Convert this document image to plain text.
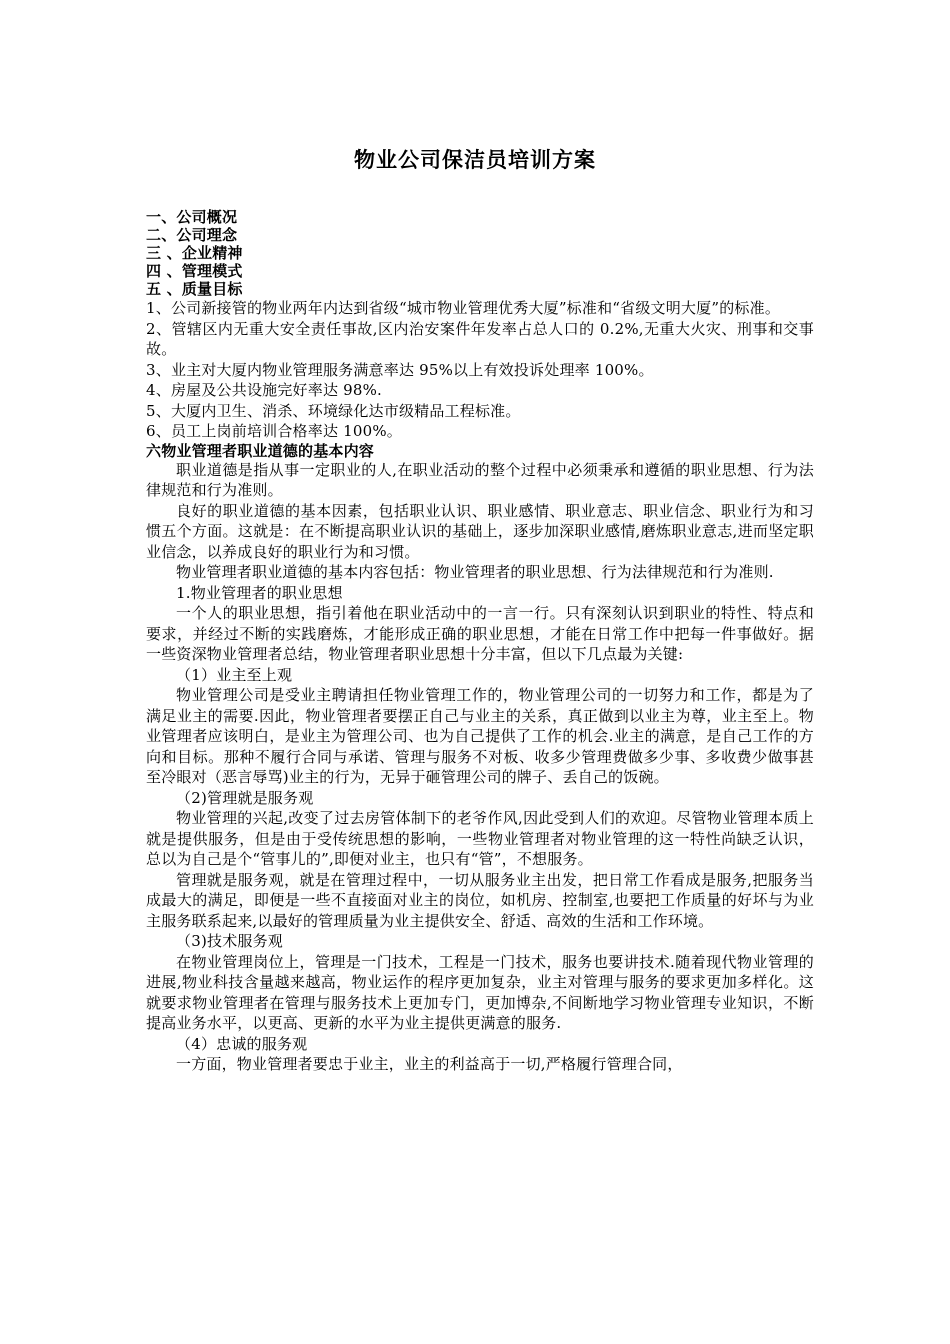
物业公司保洁员培训方案
一、公司概况
二、公司理念
三 、企业精神
四 、管理模式
五 、质量目标

1、公司新接管的物业两年内达到省级“城市物业管理优秀大厦”标准和“省级文明大厦”的标准。

2、管辖区内无重大安全责任事故,区内治安案件年发率占总人口的 0.2%,无重大火灾、刑事和交事故。

3、业主对大厦内物业管理服务满意率达 95%以上有效投诉处理率 100%。

4、房屋及公共设施完好率达 98%.

5、大厦内卫生、消杀、环境绿化达市级精品工程标准。

6、员工上岗前培训合格率达 100%。

六物业管理者职业道德的基本内容

职业道德是指从事一定职业的人,在职业活动的整个过程中必须秉承和遵循的职业思想、行为法律规范和行为准则。

良好的职业道德的基本因素，包括职业认识、职业感情、职业意志、职业信念、职业行为和习惯五个方面。这就是：在不断提高职业认识的基础上，逐步加深职业感情,磨炼职业意志,进而坚定职业信念，以养成良好的职业行为和习惯。

物业管理者职业道德的基本内容包括：物业管理者的职业思想、行为法律规范和行为准则.

1.物业管理者的职业思想

一个人的职业思想，指引着他在职业活动中的一言一行。只有深刻认识到职业的特性、特点和要求，并经过不断的实践磨炼，才能形成正确的职业思想，才能在日常工作中把每一件事做好。据一些资深物业管理者总结，物业管理者职业思想十分丰富，但以下几点最为关键:

（1）业主至上观

物业管理公司是受业主聘请担任物业管理工作的，物业管理公司的一切努力和工作，都是为了满足业主的需要.因此，物业管理者要摆正自己与业主的关系，真正做到以业主为尊，业主至上。物业管理者应该明白，是业主为管理公司、也为自己提供了工作的机会.业主的满意，是自己工作的方向和目标。那种不履行合同与承诺、管理与服务不对板、收多少管理费做多少事、多收费少做事甚至冷眼对（恶言辱骂)业主的行为，无异于砸管理公司的牌子、丢自己的饭碗。

（2)管理就是服务观

物业管理的兴起,改变了过去房管体制下的老爷作风,因此受到人们的欢迎。尽管物业管理本质上就是提供服务，但是由于受传统思想的影响，一些物业管理者对物业管理的这一特性尚缺乏认识，总以为自己是个“管事儿的”,即便对业主，也只有“管”，不想服务。

管理就是服务观，就是在管理过程中，一切从服务业主出发，把日常工作看成是服务,把服务当成最大的满足，即便是一些不直接面对业主的岗位，如机房、控制室,也要把工作质量的好坏与为业主服务联系起来,以最好的管理质量为业主提供安全、舒适、高效的生活和工作环境。

（3)技术服务观

在物业管理岗位上，管理是一门技术，工程是一门技术，服务也要讲技术.随着现代物业管理的进展,物业科技含量越来越高，物业运作的程序更加复杂，业主对管理与服务的要求更加多样化。这就要求物业管理者在管理与服务技术上更加专门，更加博杂,不间断地学习物业管理专业知识，不断提高业务水平，以更高、更新的水平为业主提供更满意的服务.

（4）忠诚的服务观

一方面，物业管理者要忠于业主，业主的利益高于一切,严格履行管理合同，
